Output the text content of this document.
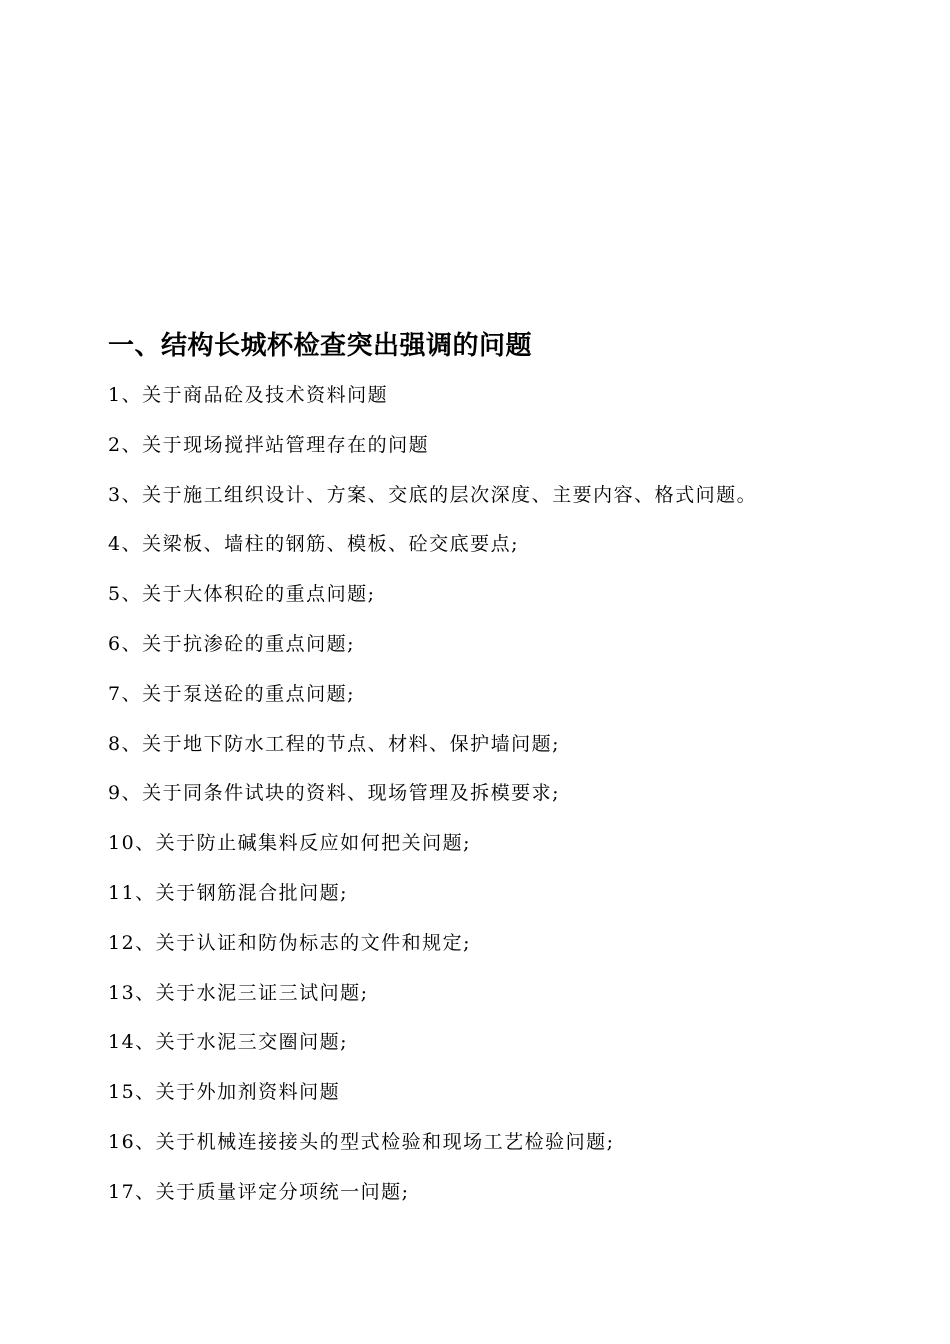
一、结构长城杯检查突出强调的问题
1、关于商品砼及技术资料问题
2、关于现场搅拌站管理存在的问题
3、关于施工组织设计、方案、交底的层次深度、主要内容、格式问题。
4、关梁板、墙柱的钢筋、模板、砼交底要点;
5、关于大体积砼的重点问题;
6、关于抗渗砼的重点问题;
7、关于泵送砼的重点问题;
8、关于地下防水工程的节点、材料、保护墙问题;
9、关于同条件试块的资料、现场管理及拆模要求;
10、关于防止碱集料反应如何把关问题;
11、关于钢筋混合批问题;
12、关于认证和防伪标志的文件和规定;
13、关于水泥三证三试问题;
14、关于水泥三交圈问题;
15、关于外加剂资料问题
16、关于机械连接接头的型式检验和现场工艺检验问题;
17、关于质量评定分项统一问题;
